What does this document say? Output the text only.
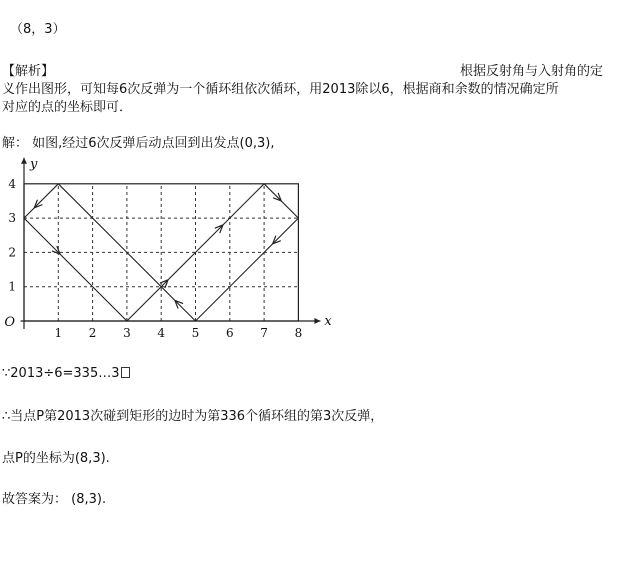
（8，3）
【解析】	根据反射角与入射角的定
义作出图形，可知每6次反弹为一个循环组依次循环，用2013除以6，根据商和余数的情况确定所
对应的点的坐标即可．
解： 如图,经过6次反弹后动点回到出发点(0,3),
1 2 3 4 5 6 7 8
1
2
3
4
O	x
y
∵2013÷6=335…3
∴当点P第2013次碰到矩形的边时为第336个循环组的第3次反弹，
点P的坐标为(8,3).
故答案为： (8,3).
